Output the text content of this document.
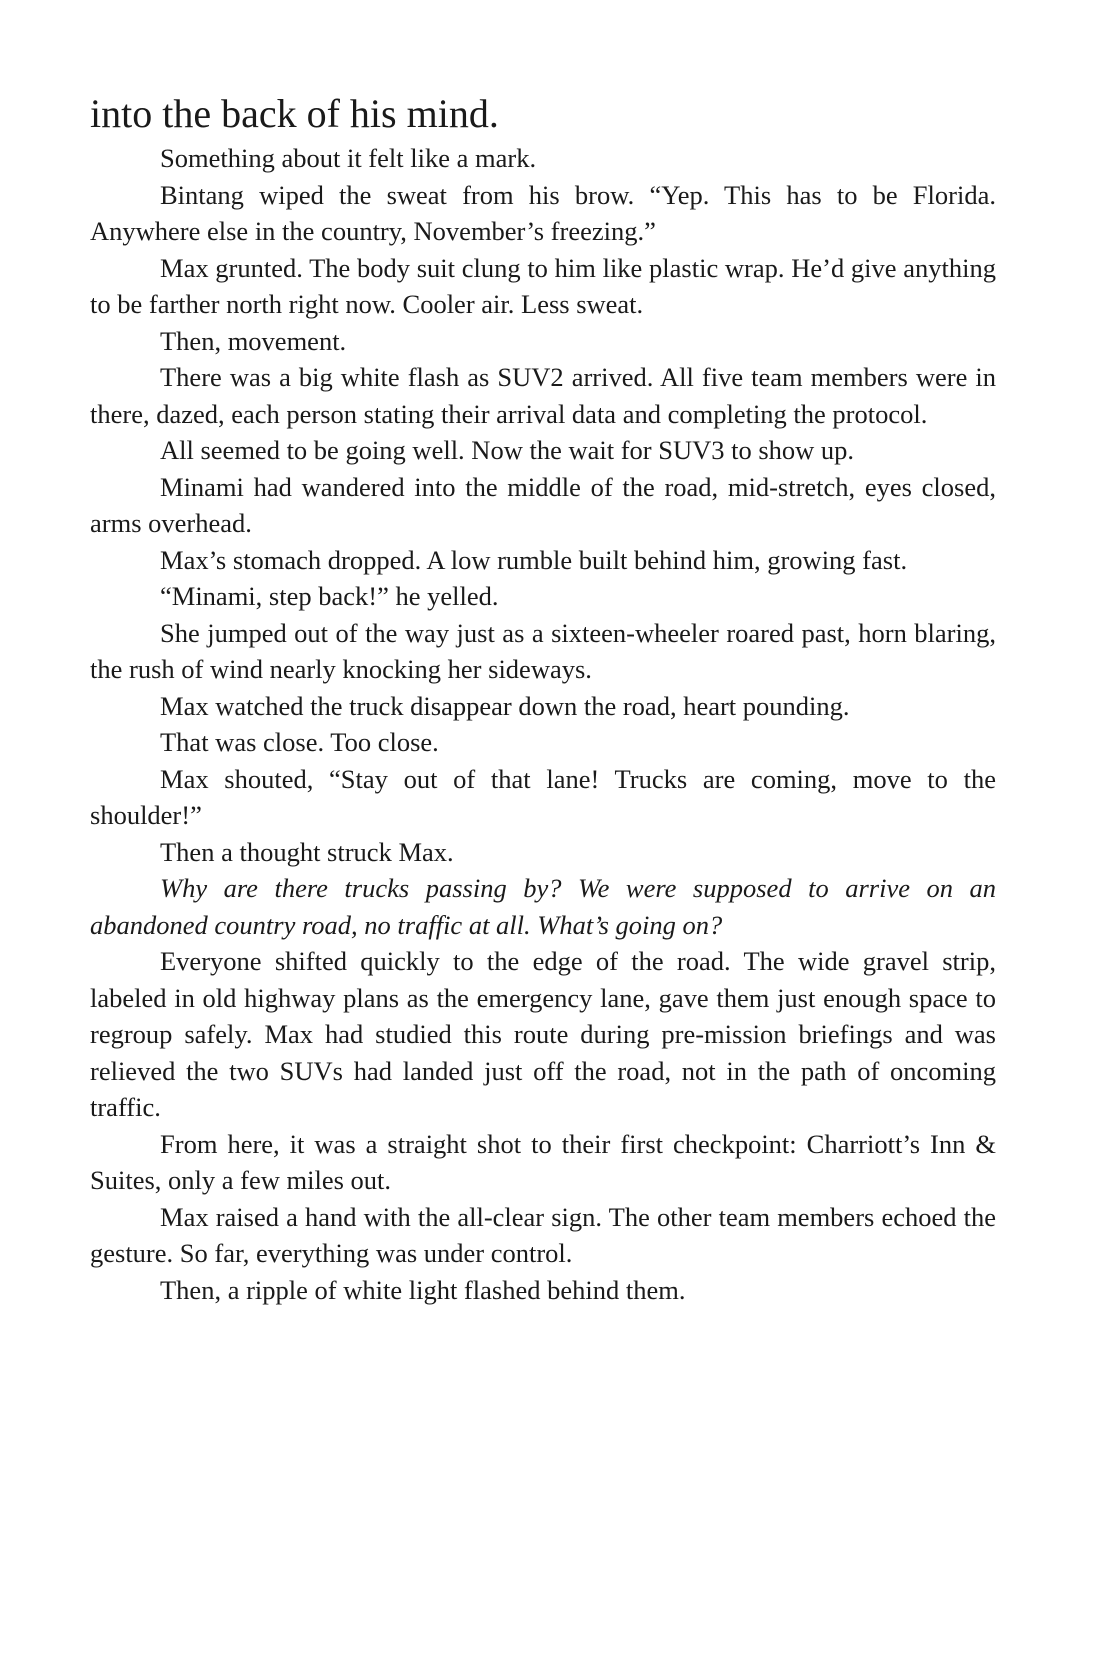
into the back of his mind.

Something about it felt like a mark.

Bintang wiped the sweat from his brow. “Yep. This has to be Florida. Anywhere else in the country, November’s freezing.”

Max grunted. The body suit clung to him like plastic wrap. He’d give anything to be farther north right now. Cooler air. Less sweat.

Then, movement.

There was a big white flash as SUV2 arrived. All five team members were in there, dazed, each person stating their arrival data and completing the protocol.

All seemed to be going well. Now the wait for SUV3 to show up.

Minami had wandered into the middle of the road, mid-stretch, eyes closed, arms overhead.

Max’s stomach dropped. A low rumble built behind him, growing fast.

“Minami, step back!” he yelled.

She jumped out of the way just as a sixteen-wheeler roared past, horn blaring, the rush of wind nearly knocking her sideways.

Max watched the truck disappear down the road, heart pounding.

That was close. Too close.

Max shouted, “Stay out of that lane! Trucks are coming, move to the shoulder!”

Then a thought struck Max.

Why are there trucks passing by? We were supposed to arrive on an abandoned country road, no traffic at all. What’s going on?

Everyone shifted quickly to the edge of the road. The wide gravel strip, labeled in old highway plans as the emergency lane, gave them just enough space to regroup safely. Max had studied this route during pre-mission briefings and was relieved the two SUVs had landed just off the road, not in the path of oncoming traffic.

From here, it was a straight shot to their first checkpoint: Charriott’s Inn & Suites, only a few miles out.

Max raised a hand with the all-clear sign. The other team members echoed the gesture. So far, everything was under control.

Then, a ripple of white light flashed behind them.
